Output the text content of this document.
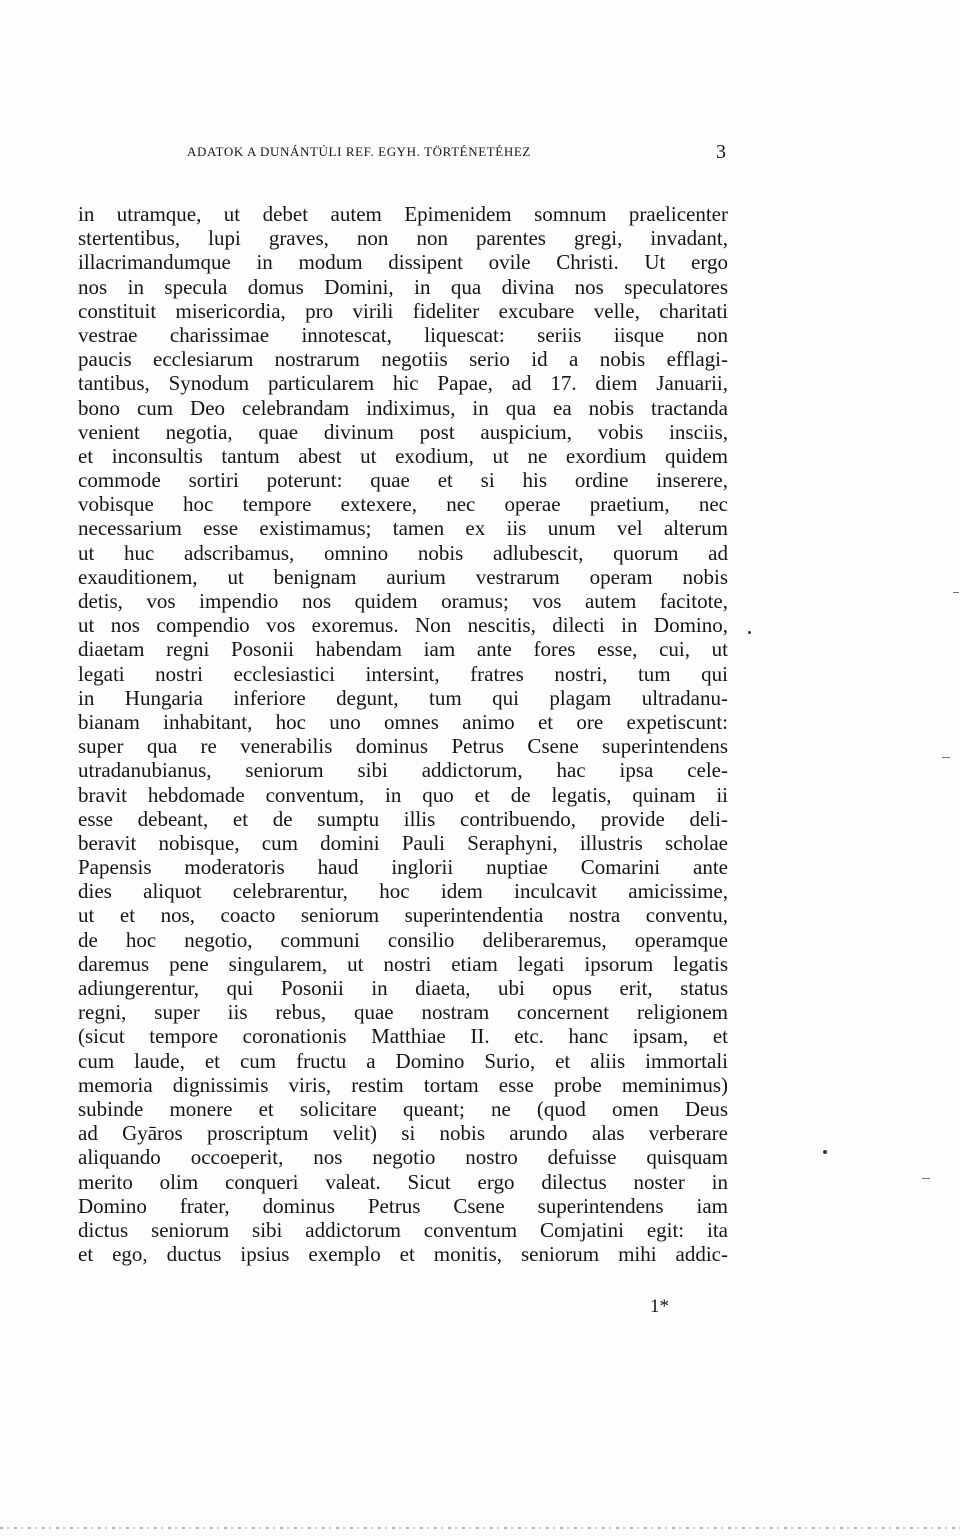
ADATOK A DUNÁNTÚLI REF. EGYH. TÖRTÉNETÉHEZ	3
in utramque, ut debet autem Epimenidem somnum praelicenter
stertentibus, lupi graves, non non parentes gregi, invadant,
illacrimandumque in modum dissipent ovile Christi. Ut ergo
nos in specula domus Domini, in qua divina nos speculatores
constituit misericordia, pro virili fideliter excubare velle, charitati
vestrae charissimae innotescat, liquescat: seriis iisque non
paucis ecclesiarum nostrarum negotiis serio id a nobis efflagi-
tantibus, Synodum particularem hic Papae, ad 17. diem Januarii,
bono cum Deo celebrandam indiximus, in qua ea nobis tractanda
venient negotia, quae divinum post auspicium, vobis insciis,
et inconsultis tantum abest ut exodium, ut ne exordium quidem
commode sortiri poterunt: quae et si his ordine inserere,
vobisque hoc tempore extexere, nec operae praetium, nec
necessarium esse existimamus; tamen ex iis unum vel alterum
ut huc adscribamus, omnino nobis adlubescit, quorum ad
exauditionem, ut benignam aurium vestrarum operam nobis
detis, vos impendio nos quidem oramus; vos autem facitote,
ut nos compendio vos exoremus. Non nescitis, dilecti in Domino,
diaetam regni Posonii habendam iam ante fores esse, cui, ut
legati nostri ecclesiastici intersint, fratres nostri, tum qui
in Hungaria inferiore degunt, tum qui plagam ultradanu-
bianam inhabitant, hoc uno omnes animo et ore expetiscunt:
super qua re venerabilis dominus Petrus Csene superintendens
utradanubianus, seniorum sibi addictorum, hac ipsa cele-
bravit hebdomade conventum, in quo et de legatis, quinam ii
esse debeant, et de sumptu illis contribuendo, provide deli-
beravit nobisque, cum domini Pauli Seraphyni, illustris scholae
Papensis moderatoris haud inglorii nuptiae Comarini ante
dies aliquot celebrarentur, hoc idem inculcavit amicissime,
ut et nos, coacto seniorum superintendentia nostra conventu,
de hoc negotio, communi consilio deliberaremus, operamque
daremus pene singularem, ut nostri etiam legati ipsorum legatis
adiungerentur, qui Posonii in diaeta, ubi opus erit, status
regni, super iis rebus, quae nostram concernent religionem
(sicut tempore coronationis Matthiae II. etc. hanc ipsam, et
cum laude, et cum fructu a Domino Surio, et aliis immortali
memoria dignissimis viris, restim tortam esse probe meminimus)
subinde monere et solicitare queant; ne (quod omen Deus
ad Gyāros proscriptum velit) si nobis arundo alas verberare
aliquando occoeperit, nos negotio nostro defuisse quisquam
merito olim conqueri valeat. Sicut ergo dilectus noster in
Domino frater, dominus Petrus Csene superintendens iam
dictus seniorum sibi addictorum conventum Comjatini egit: ita
et ego, ductus ipsius exemplo et monitis, seniorum mihi addic-
1*
